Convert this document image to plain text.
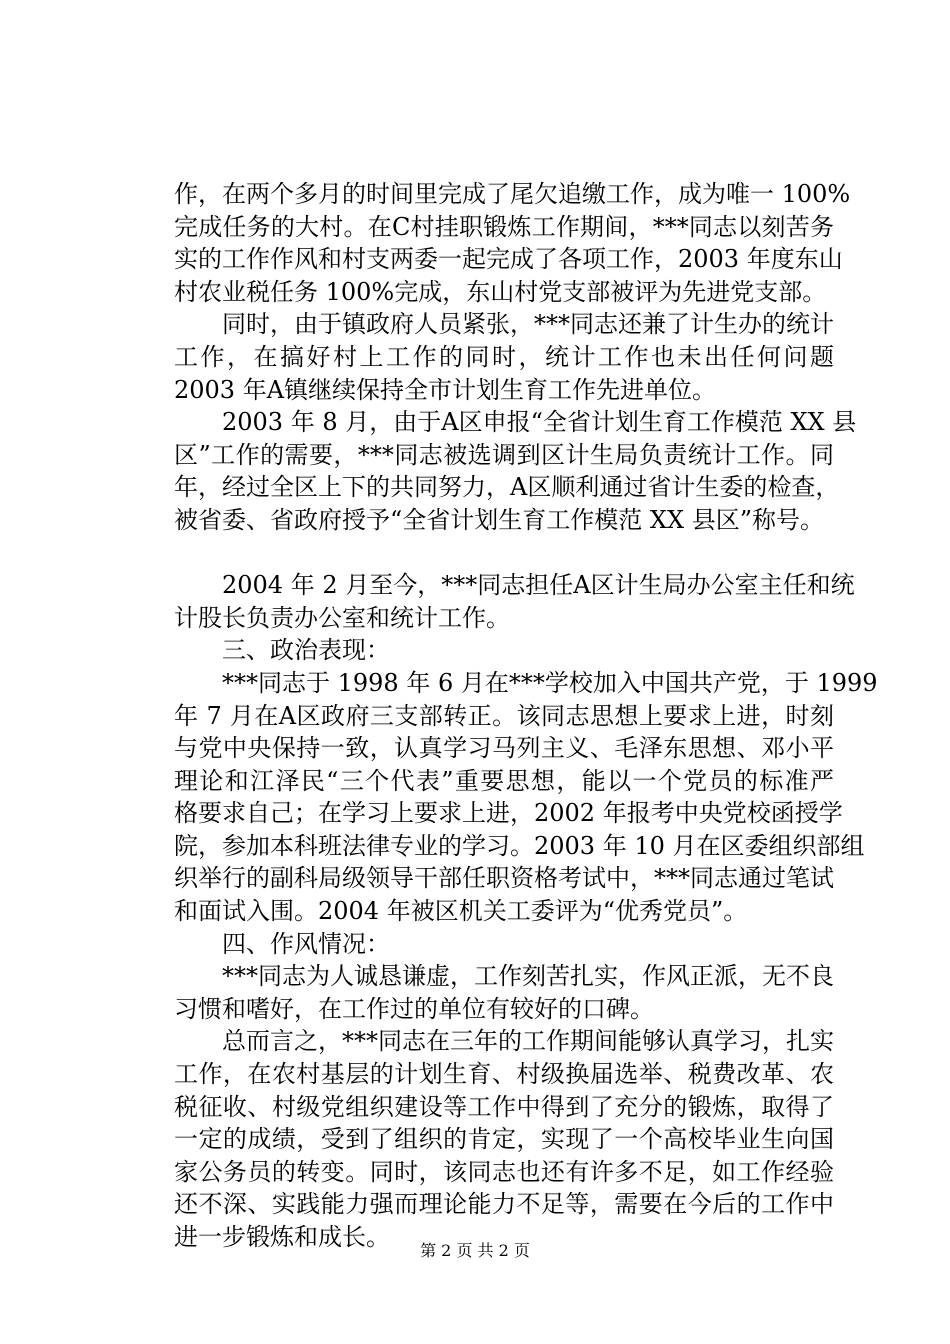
作，在两个多月的时间里完成了尾欠追缴工作，成为唯一 100%
完成任务的大村。在C村挂职锻炼工作期间，***同志以刻苦务
实的工作作风和村支两委一起完成了各项工作，2003 年度东山
村农业税任务 100%完成，东山村党支部被评为先进党支部。
　　同时，由于镇政府人员紧张，***同志还兼了计生办的统计
工作，在搞好村上工作的同时，统计工作也未出任何问题
2003 年A镇继续保持全市计划生育工作先进单位。
　　2003 年 8 月，由于A区申报“全省计划生育工作模范 XX 县
区”工作的需要，***同志被选调到区计生局负责统计工作。同
年，经过全区上下的共同努力，A区顺利通过省计生委的检查，
被省委、省政府授予“全省计划生育工作模范 XX 县区”称号。
　　2004 年 2 月至今，***同志担任A区计生局办公室主任和统
计股长负责办公室和统计工作。
　　三、政治表现：
　　***同志于 1998 年 6 月在***学校加入中国共产党，于 1999
年 7 月在A区政府三支部转正。该同志思想上要求上进，时刻
与党中央保持一致，认真学习马列主义、毛泽东思想、邓小平
理论和江泽民“三个代表”重要思想，能以一个党员的标准严
格要求自己；在学习上要求上进，2002 年报考中央党校函授学
院，参加本科班法律专业的学习。2003 年 10 月在区委组织部组
织举行的副科局级领导干部任职资格考试中，***同志通过笔试
和面试入围。2004 年被区机关工委评为“优秀党员”。
　　四、作风情况：
　　***同志为人诚恳谦虚，工作刻苦扎实，作风正派，无不良
习惯和嗜好，在工作过的单位有较好的口碑。
　　总而言之，***同志在三年的工作期间能够认真学习，扎实
工作，在农村基层的计划生育、村级换届选举、税费改革、农
税征收、村级党组织建设等工作中得到了充分的锻炼，取得了
一定的成绩，受到了组织的肯定，实现了一个高校毕业生向国
家公务员的转变。同时，该同志也还有许多不足，如工作经验
还不深、实践能力强而理论能力不足等，需要在今后的工作中
进一步锻炼和成长。	第 2 页 共 2 页
